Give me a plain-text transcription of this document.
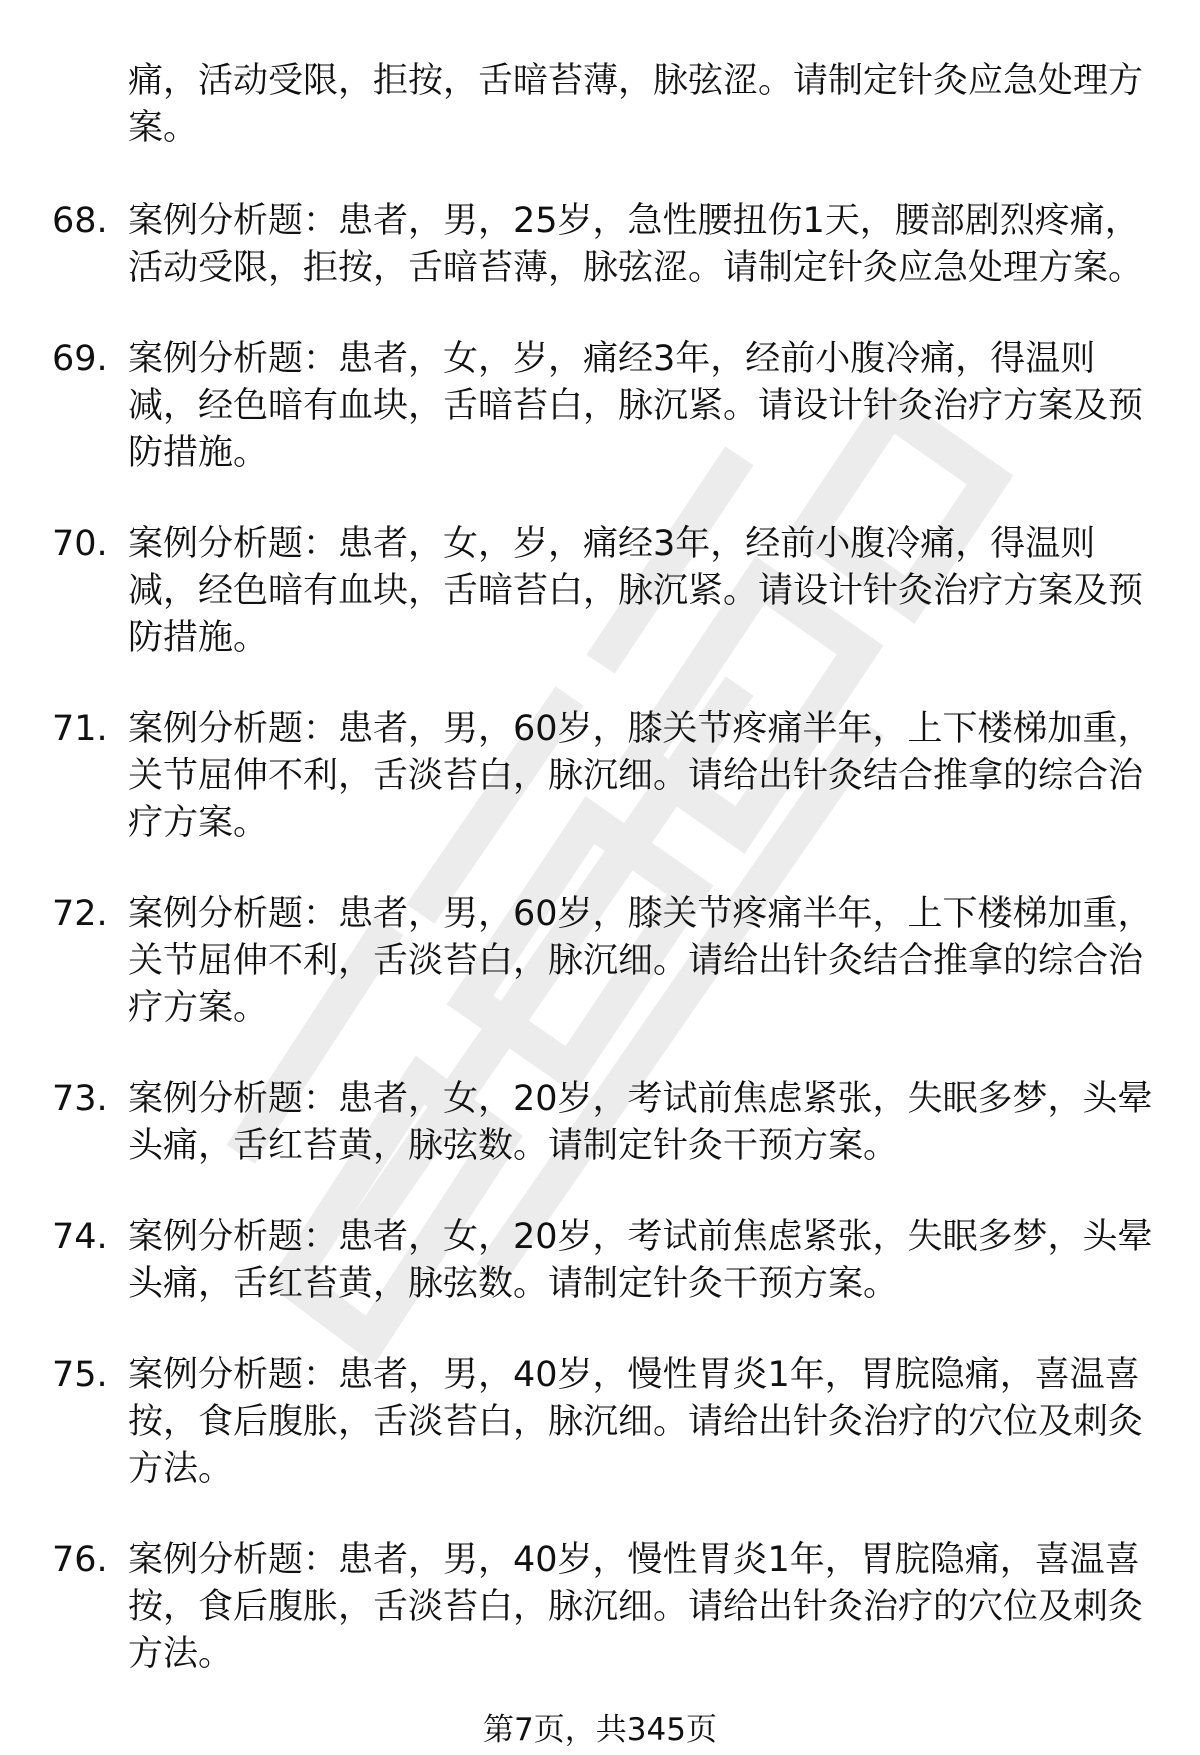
痛，活动受限，拒按，舌暗苔薄，脉弦涩。请制定针灸应急处理方案。
68. 案例分析题：患者，男，25岁，急性腰扭伤1天，腰部剧烈疼痛，活动受限，拒按，舌暗苔薄，脉弦涩。请制定针灸应急处理方案。
69. 案例分析题：患者，女，岁，痛经3年，经前小腹冷痛，得温则减，经色暗有血块，舌暗苔白，脉沉紧。请设计针灸治疗方案及预防措施。
70. 案例分析题：患者，女，岁，痛经3年，经前小腹冷痛，得温则减，经色暗有血块，舌暗苔白，脉沉紧。请设计针灸治疗方案及预防措施。
71. 案例分析题：患者，男，60岁，膝关节疼痛半年，上下楼梯加重，关节屈伸不利，舌淡苔白，脉沉细。请给出针灸结合推拿的综合治疗方案。
72. 案例分析题：患者，男，60岁，膝关节疼痛半年，上下楼梯加重，关节屈伸不利，舌淡苔白，脉沉细。请给出针灸结合推拿的综合治疗方案。
73. 案例分析题：患者，女，20岁，考试前焦虑紧张，失眠多梦，头晕头痛，舌红苔黄，脉弦数。请制定针灸干预方案。
74. 案例分析题：患者，女，20岁，考试前焦虑紧张，失眠多梦，头晕头痛，舌红苔黄，脉弦数。请制定针灸干预方案。
75. 案例分析题：患者，男，40岁，慢性胃炎1年，胃脘隐痛，喜温喜按，食后腹胀，舌淡苔白，脉沉细。请给出针灸治疗的穴位及刺灸方法。
76. 案例分析题：患者，男，40岁，慢性胃炎1年，胃脘隐痛，喜温喜按，食后腹胀，舌淡苔白，脉沉细。请给出针灸治疗的穴位及刺灸方法。
第7页，共345页
